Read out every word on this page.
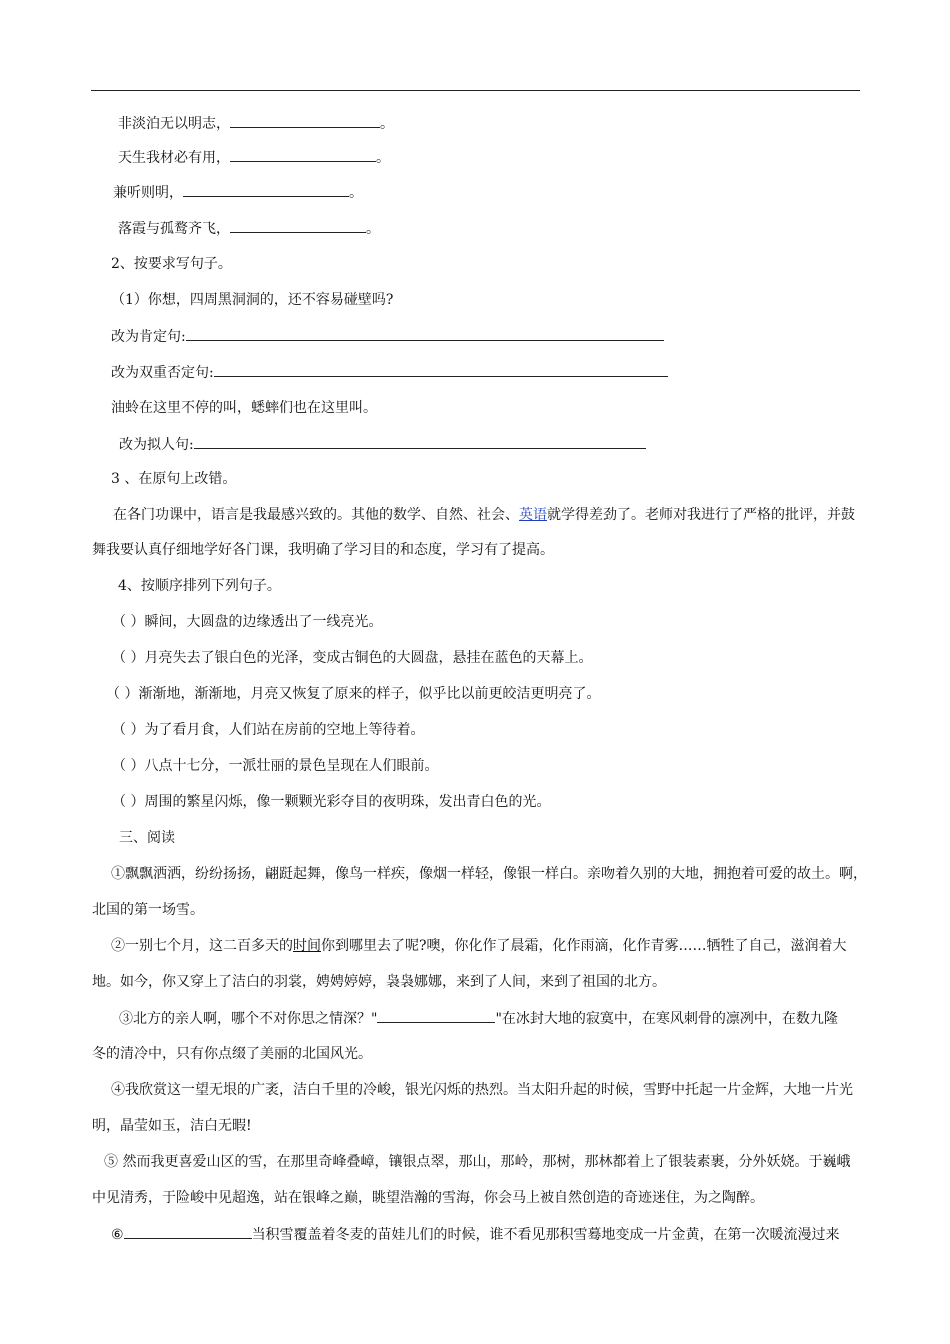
非淡泊无以明志，	。
天生我材必有用，	。
兼听则明，	。
落霞与孤鹜齐飞，	。
2、按要求写句子。
（1）你想，四周黑洞洞的，还不容易碰壁吗?
改为肯定句:
改为双重否定句:
油蛉在这里不停的叫，蟋蟀们也在这里叫。
改为拟人句:
3 、在原句上改错。
在各门功课中，语言是我最感兴致的。其他的数学、自然、社会、英语就学得差劲了。老师对我进行了严格的批评，并鼓
舞我要认真仔细地学好各门课，我明确了学习目的和态度，学习有了提高。
4、按顺序排列下列句子。
（ ）瞬间，大圆盘的边缘透出了一线亮光。
（ ）月亮失去了银白色的光泽，变成古铜色的大圆盘，悬挂在蓝色的天幕上。
（ ）渐渐地，渐渐地，月亮又恢复了原来的样子，似乎比以前更皎洁更明亮了。
（ ）为了看月食，人们站在房前的空地上等待着。
（ ）八点十七分，一派壮丽的景色呈现在人们眼前。
（ ）周围的繁星闪烁，像一颗颗光彩夺目的夜明珠，发出青白色的光。
三、阅读
①飘飘洒洒，纷纷扬扬，翩跹起舞，像鸟一样疾，像烟一样轻，像银一样白。亲吻着久别的大地，拥抱着可爱的故土。啊，
北国的第一场雪。
②一别七个月，这二百多天的时间你到哪里去了呢?噢，你化作了晨霜，化作雨滴，化作青雾……牺牲了自己，滋润着大
地。如今，你又穿上了洁白的羽裳，娉娉婷婷，袅袅娜娜，来到了人间，来到了祖国的北方。
③北方的亲人啊，哪个不对你思之情深？"	"在冰封大地的寂寞中，在寒风刺骨的凛冽中，在数九隆
冬的清冷中，只有你点缀了美丽的北国风光。
④我欣赏这一望无垠的广袤，洁白千里的冷峻，银光闪烁的热烈。当太阳升起的时候，雪野中托起一片金辉，大地一片光
明，晶莹如玉，洁白无暇!
⑤ 然而我更喜爱山区的雪，在那里奇峰叠嶂，镶银点翠，那山，那岭，那树，那林都着上了银装素裹，分外妖娆。于巍峨
中见清秀，于险峻中见超逸，站在银峰之巅，眺望浩瀚的雪海，你会马上被自然创造的奇迹迷住，为之陶醉。
⑥	当积雪覆盖着冬麦的苗娃儿们的时候，谁不看见那积雪蓦地变成一片金黄，在第一次暖流漫过来
